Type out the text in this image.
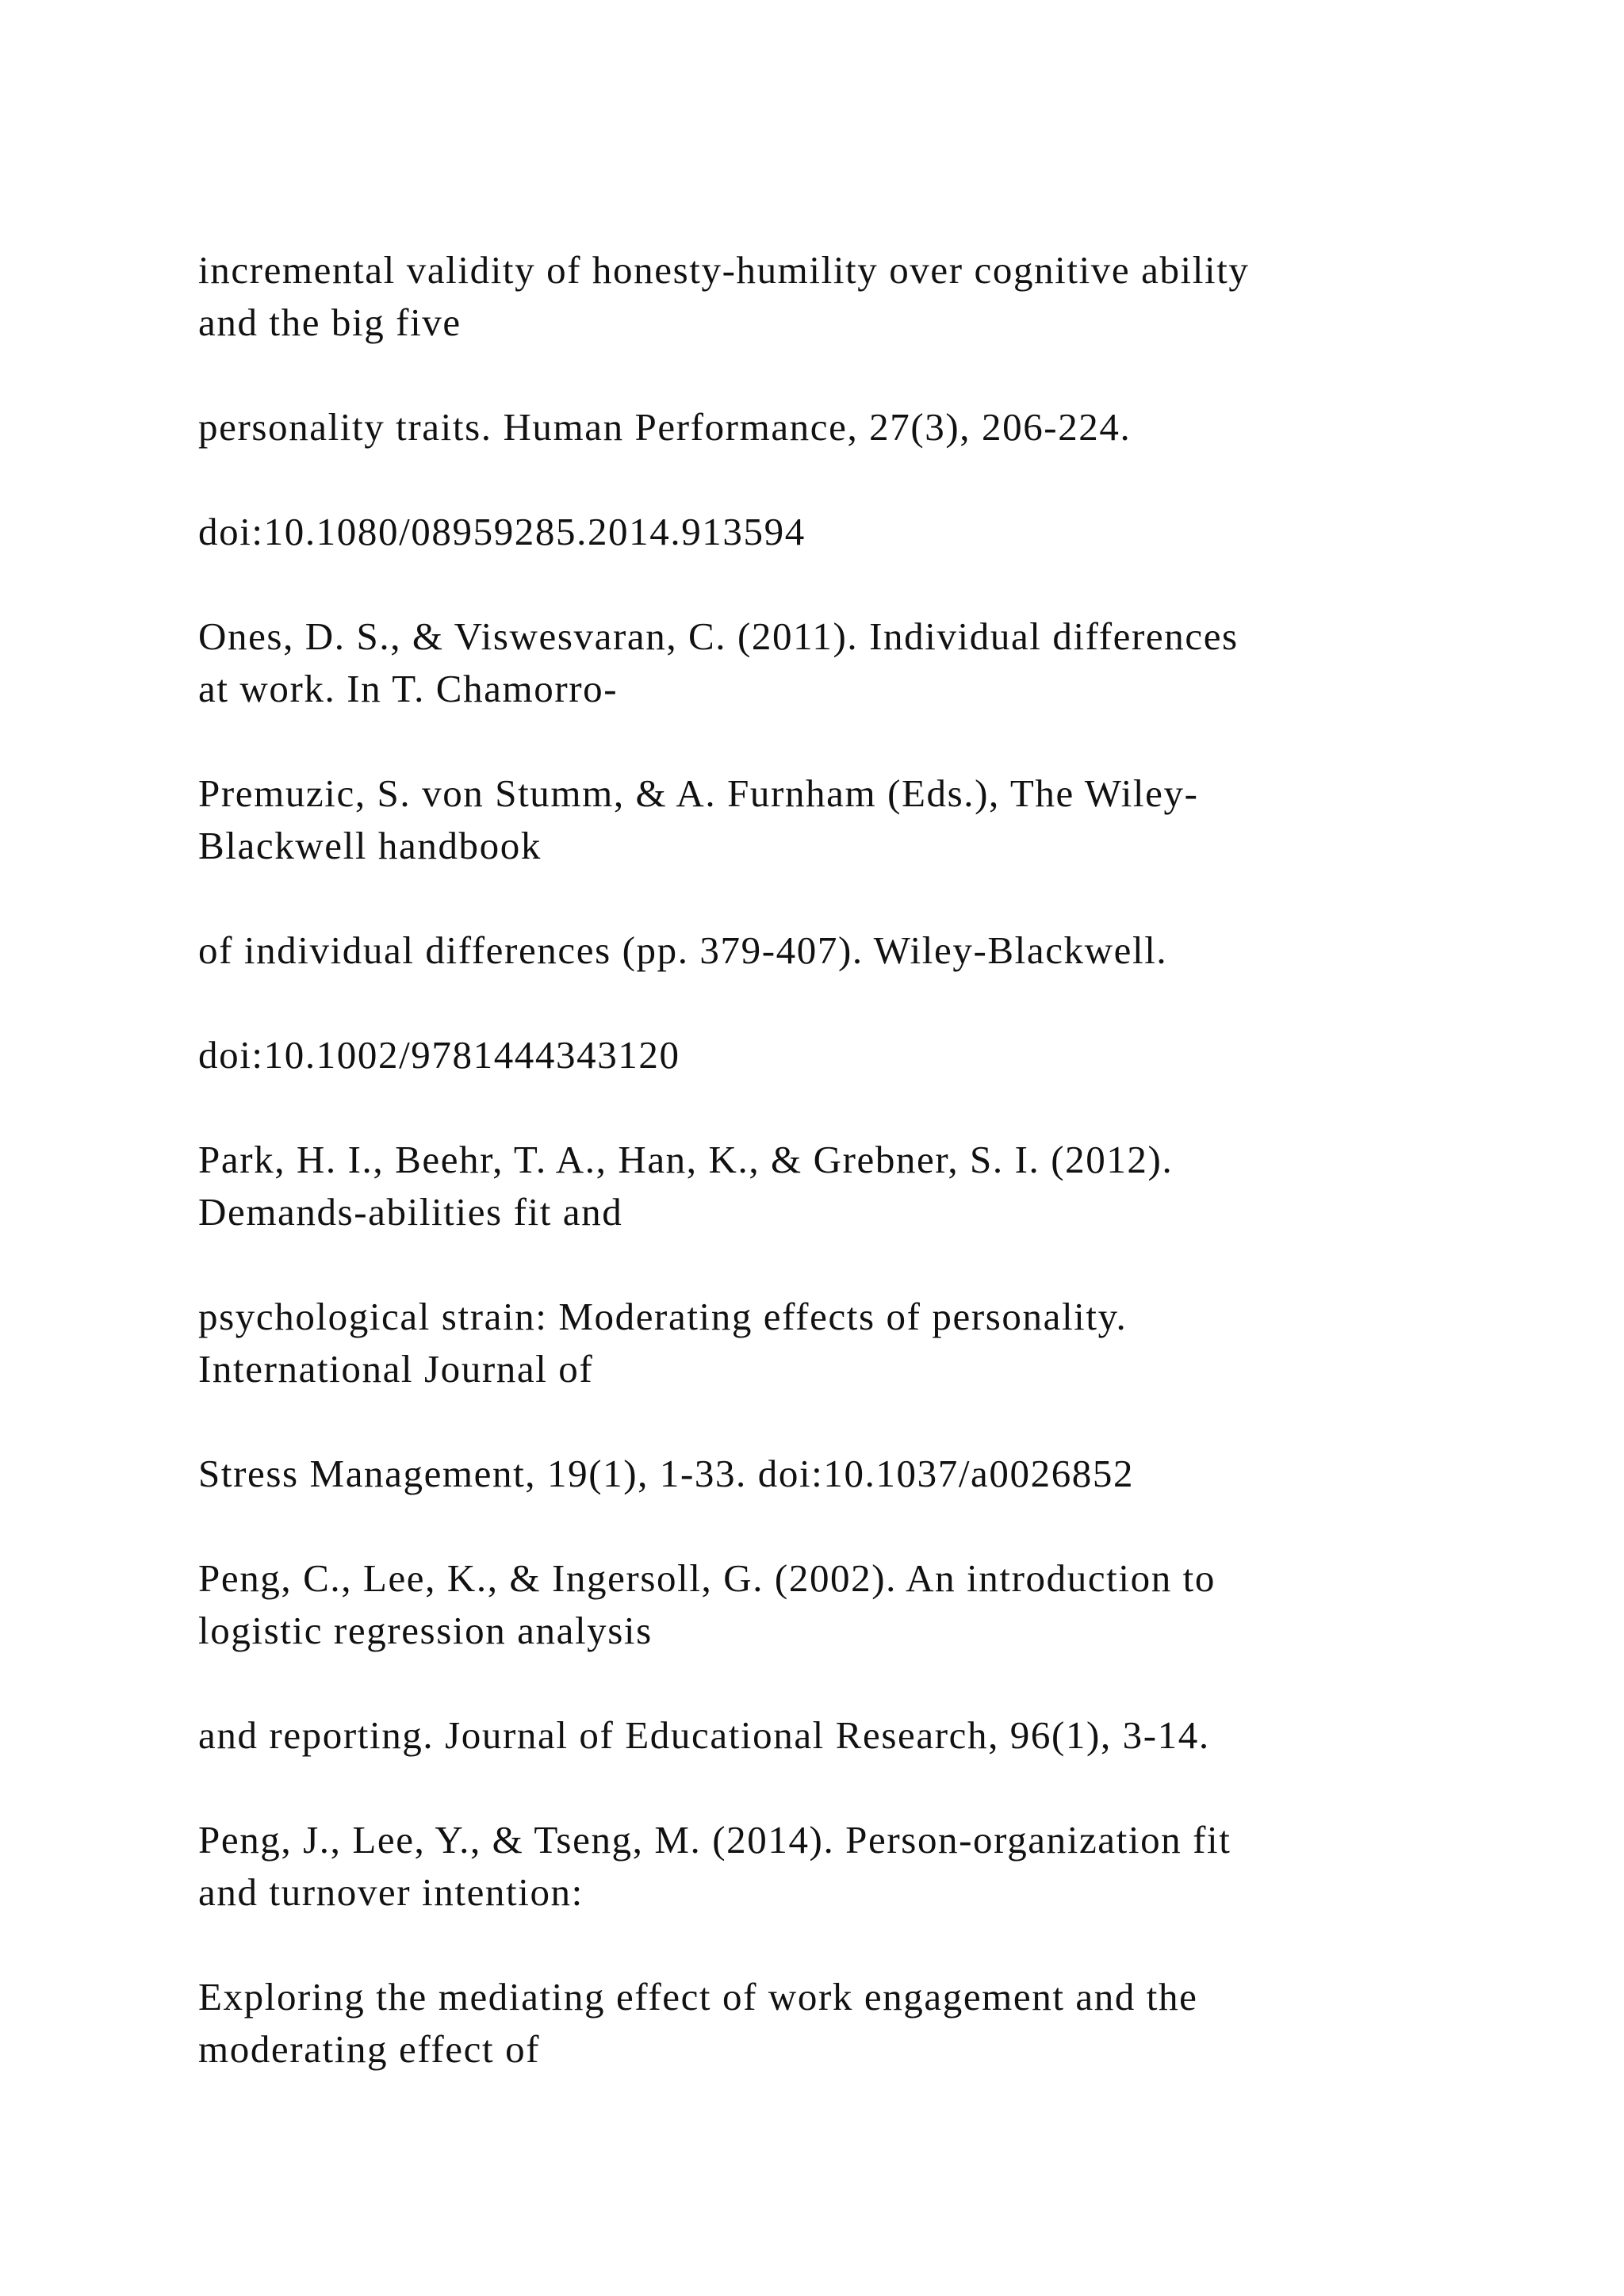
incremental validity of honesty-humility over cognitive ability
and the big five

personality traits. Human Performance, 27(3), 206-224.

doi:10.1080/08959285.2014.913594

Ones, D. S., & Viswesvaran, C. (2011). Individual differences
at work. In T. Chamorro-

Premuzic, S. von Stumm, & A. Furnham (Eds.), The Wiley-
Blackwell handbook

of individual differences (pp. 379-407). Wiley-Blackwell.

doi:10.1002/9781444343120

Park, H. I., Beehr, T. A., Han, K., & Grebner, S. I. (2012).
Demands-abilities fit and

psychological strain: Moderating effects of personality.
International Journal of

Stress Management, 19(1), 1-33. doi:10.1037/a0026852

Peng, C., Lee, K., & Ingersoll, G. (2002). An introduction to
logistic regression analysis

and reporting. Journal of Educational Research, 96(1), 3-14.

Peng, J., Lee, Y., & Tseng, M. (2014). Person-organization fit
and turnover intention:

Exploring the mediating effect of work engagement and the
moderating effect of
